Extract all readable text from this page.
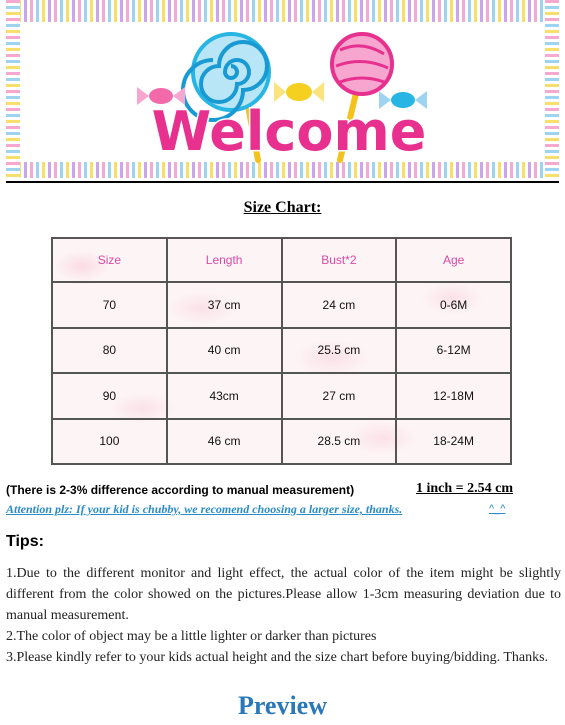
Welcome
Size Chart:
Size	Length	Bust*2	Age
70	37 cm	24 cm	0-6M
80	40 cm	25.5 cm	6-12M
90	43cm	27 cm	12-18M
100	46 cm	28.5 cm	18-24M
(There is 2-3% difference according to manual measurement)	1 inch = 2.54 cm
Attention plz: If your kid is chubby, we recomend choosing a larger size, thanks.	^_^
Tips:

1.Due to the different monitor and light effect, the actual color of the item might be slightly different from the color showed on the pictures.Please allow 1-3cm measuring deviation due to manual measurement.

2.The color of object may be a little lighter or darker than pictures

3.Please kindly refer to your kids actual height and the size chart before buying/bidding. Thanks.

Preview
